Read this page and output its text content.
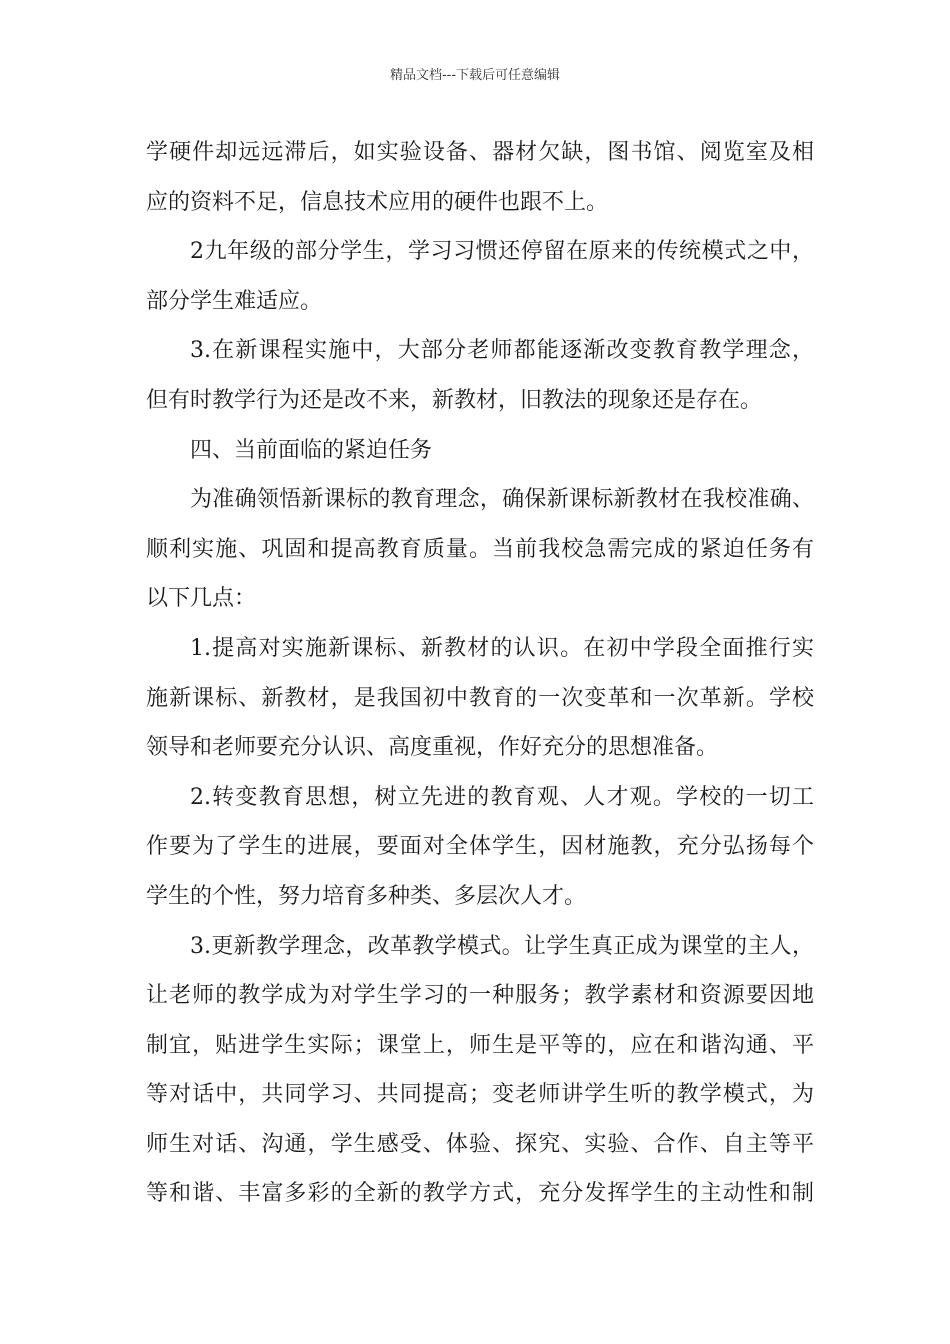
精品文档---下载后可任意编辑
学硬件却远远滞后，如实验设备、器材欠缺，图书馆、阅览室及相
应的资料不足，信息技术应用的硬件也跟不上。
2九年级的部分学生，学习习惯还停留在原来的传统模式之中，
部分学生难适应。
3.在新课程实施中，大部分老师都能逐渐改变教育教学理念，
但有时教学行为还是改不来，新教材，旧教法的现象还是存在。
四、当前面临的紧迫任务
为准确领悟新课标的教育理念，确保新课标新教材在我校准确、
顺利实施、巩固和提高教育质量。当前我校急需完成的紧迫任务有
以下几点：
1.提高对实施新课标、新教材的认识。在初中学段全面推行实
施新课标、新教材，是我国初中教育的一次变革和一次革新。学校
领导和老师要充分认识、高度重视，作好充分的思想准备。
2.转变教育思想，树立先进的教育观、人才观。学校的一切工
作要为了学生的进展，要面对全体学生，因材施教，充分弘扬每个
学生的个性，努力培育多种类、多层次人才。
3.更新教学理念，改革教学模式。让学生真正成为课堂的主人，
让老师的教学成为对学生学习的一种服务；教学素材和资源要因地
制宜，贴进学生实际；课堂上，师生是平等的，应在和谐沟通、平
等对话中，共同学习、共同提高；变老师讲学生听的教学模式，为
师生对话、沟通，学生感受、体验、探究、实验、合作、自主等平
等和谐、丰富多彩的全新的教学方式，充分发挥学生的主动性和制
